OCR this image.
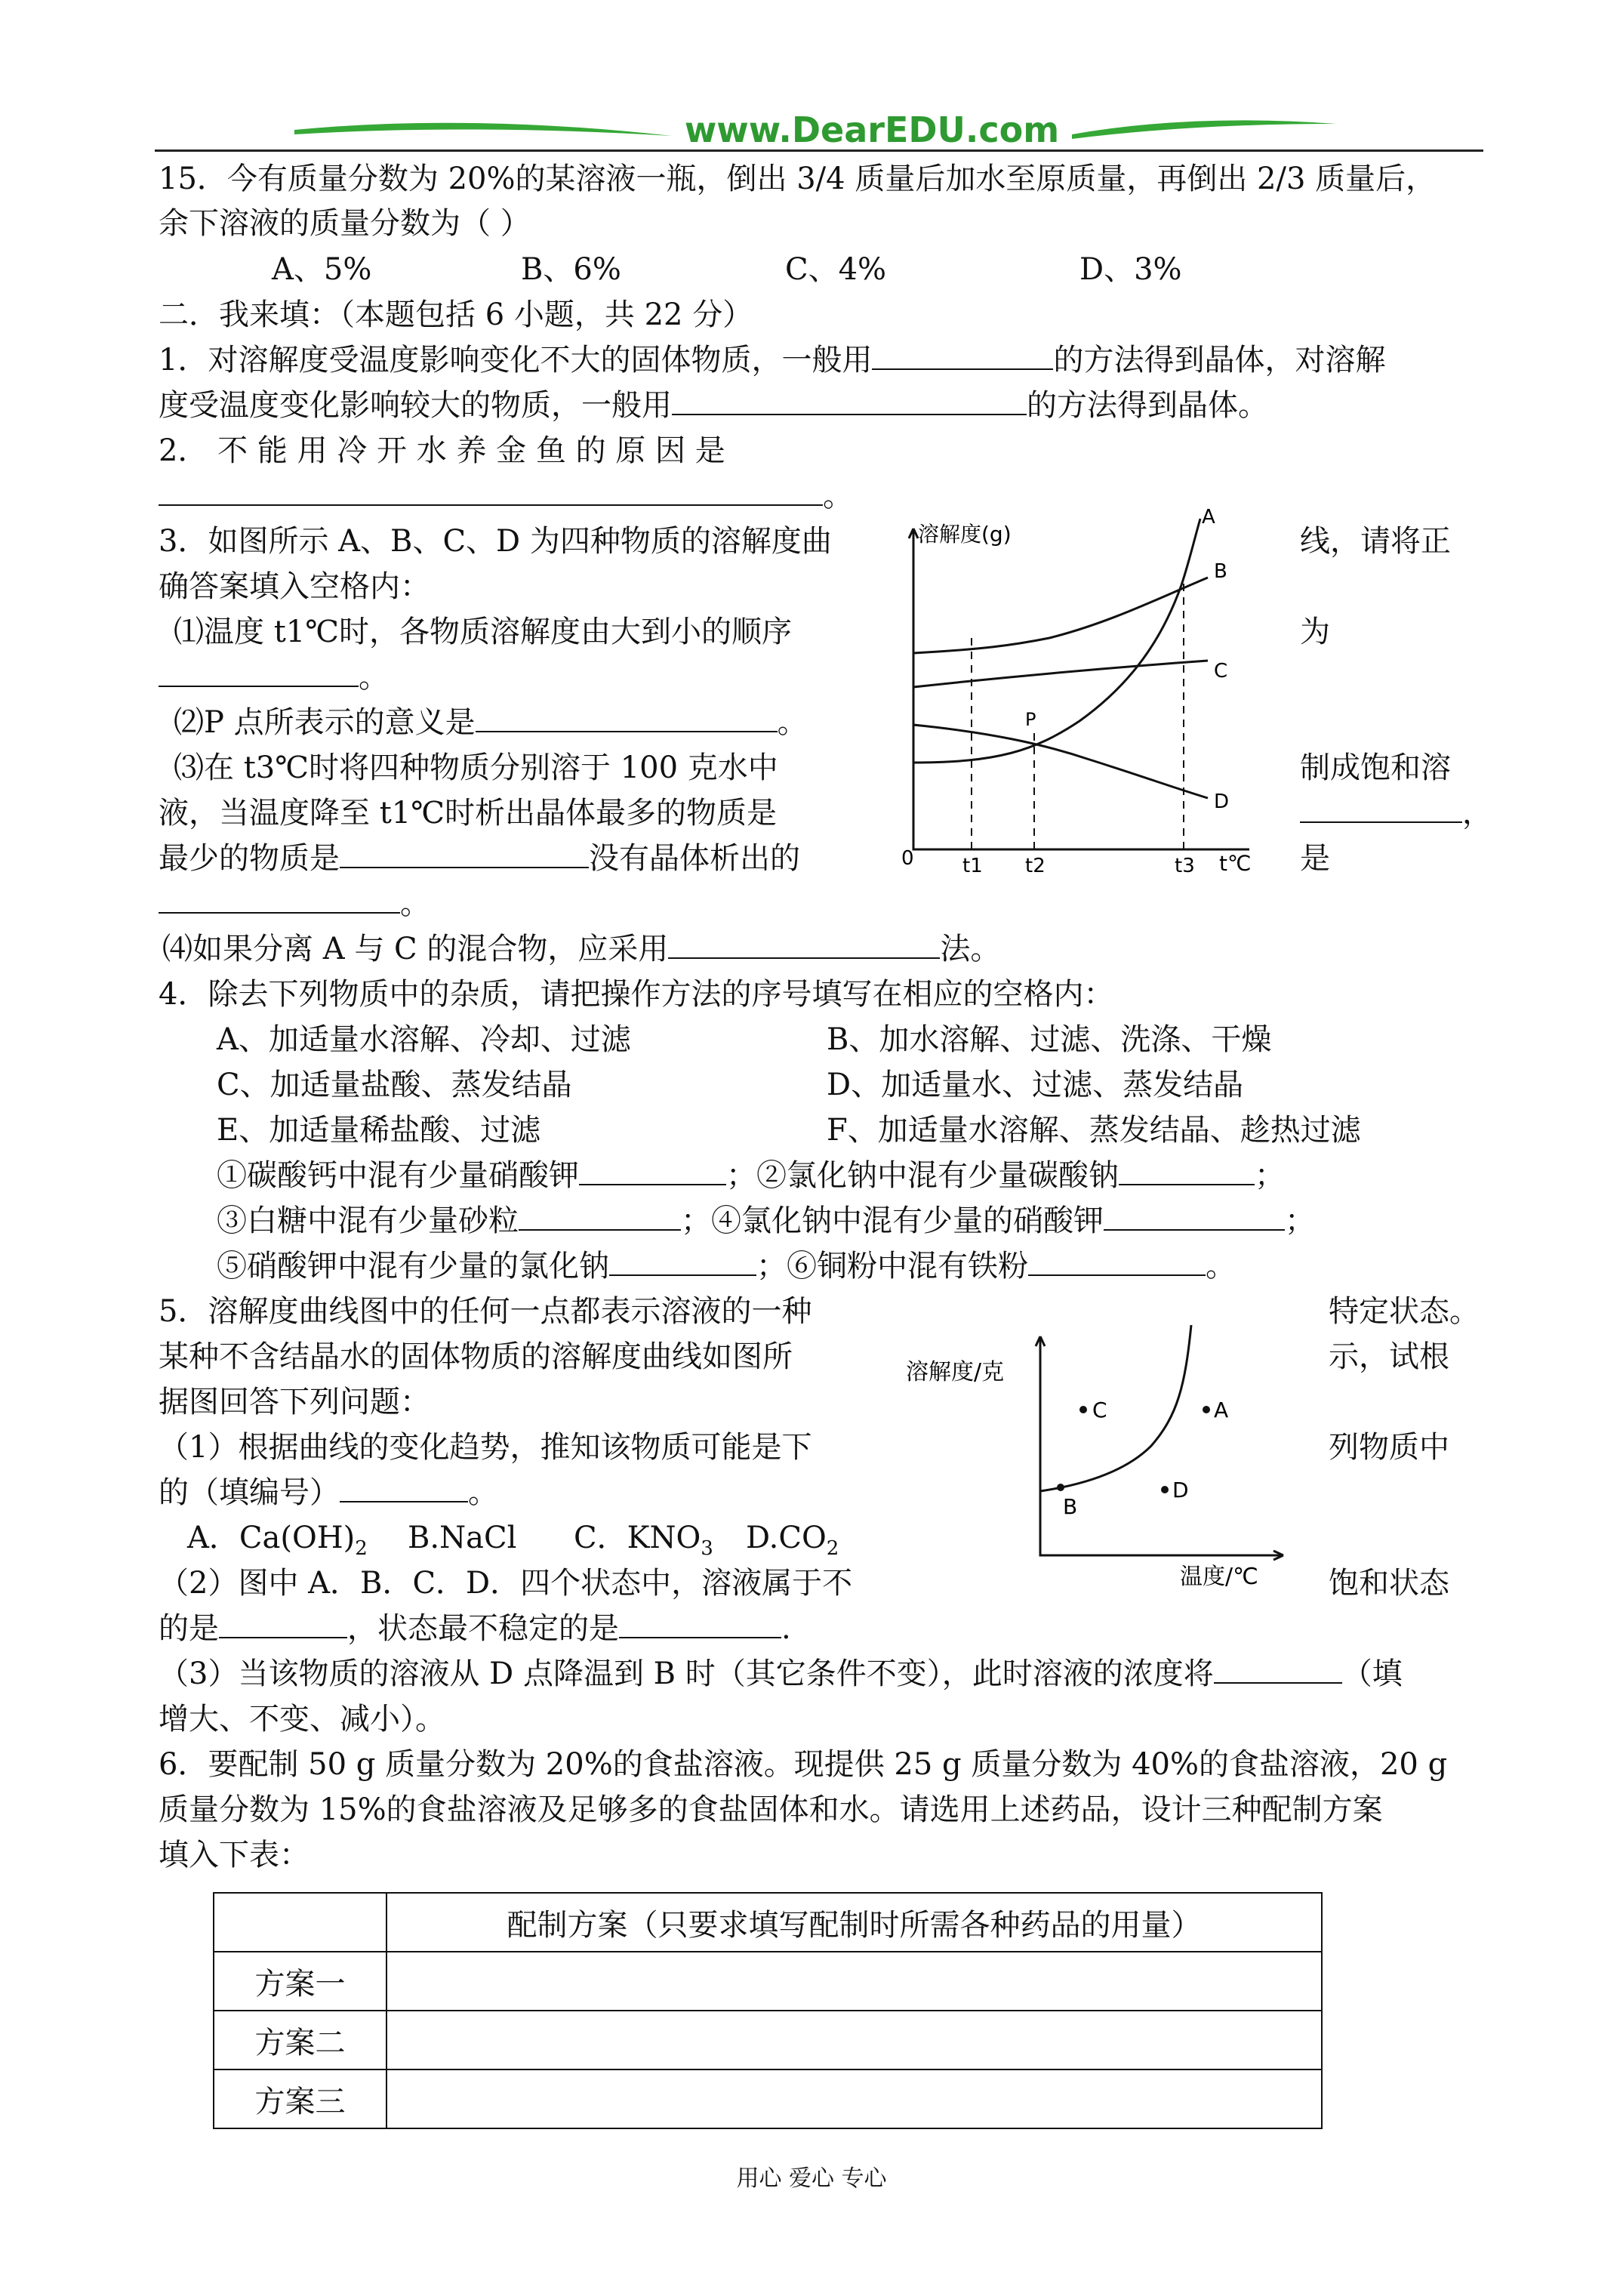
www.DearEDU.com
15．今有质量分数为 20%的某溶液一瓶，倒出 3/4 质量后加水至原质量，再倒出 2/3 质量后，
余下溶液的质量分数为（ ）
A、5%	B、6%	C、4%	D、3%
二．我来填：（本题包括 6 小题，共 22 分）
1．对溶解度受温度影响变化不大的固体物质，一般用	的方法得到晶体，对溶解
度受温度变化影响较大的物质，一般用	的方法得到晶体。
2． 不 能 用 冷 开 水 养 金 鱼 的 原 因 是
。
3．如图所示 A、B、C、D 为四种物质的溶解度曲	线，请将正
确答案填入空格内：
⑴温度 t1℃时，各物质溶解度由大到小的顺序	为
。
⑵P 点所表示的意义是	。
⑶在 t3℃时将四种物质分别溶于 100 克水中	制成饱和溶
液，当温度降至 t1℃时析出晶体最多的物质是	，
最少的物质是	没有晶体析出的	是
。
⑷如果分离 A 与 C 的混合物，应采用	法。
溶解度(g)
0	t℃
t1 t2	t3
A
B
C
D
P
4．除去下列物质中的杂质，请把操作方法的序号填写在相应的空格内：
A、加适量水溶解、冷却、过滤	B、加水溶解、过滤、洗涤、干燥
C、加适量盐酸、蒸发结晶	D、加适量水、过滤、蒸发结晶
E、加适量稀盐酸、过滤	F、加适量水溶解、蒸发结晶、趁热过滤
①碳酸钙中混有少量硝酸钾	；②氯化钠中混有少量碳酸钠	；
③白糖中混有少量砂粒	；④氯化钠中混有少量的硝酸钾	；
⑤硝酸钾中混有少量的氯化钠	；⑥铜粉中混有铁粉	。
5．溶解度曲线图中的任何一点都表示溶液的一种	特定状态。
某种不含结晶水的固体物质的溶解度曲线如图所	示，试根
据图回答下列问题：
（1）根据曲线的变化趋势，推知该物质可能是下	列物质中
的（填编号）	。
A．$Ca(OH)_2$ B.NaCl C．$KNO_3$ $D.CO_2$
（2）图中 A．B．C．D．四个状态中，溶液属于不	饱和状态
的是	，状态最不稳定的是	.
（3）当该物质的溶液从 D 点降温到 B 时（其它条件不变），此时溶液的浓度将	（填
增大、不变、减小）。
溶解度/克
温度/℃
C	A
B
D
6．要配制 50 g 质量分数为 20%的食盐溶液。现提供 25 g 质量分数为 40%的食盐溶液，20 g
质量分数为 15%的食盐溶液及足够多的食盐固体和水。请选用上述药品，设计三种配制方案
填入下表：
	配制方案（只要求填写配制时所需各种药品的用量）
方案一	
方案二	
方案三	
用心 爱心 专心
